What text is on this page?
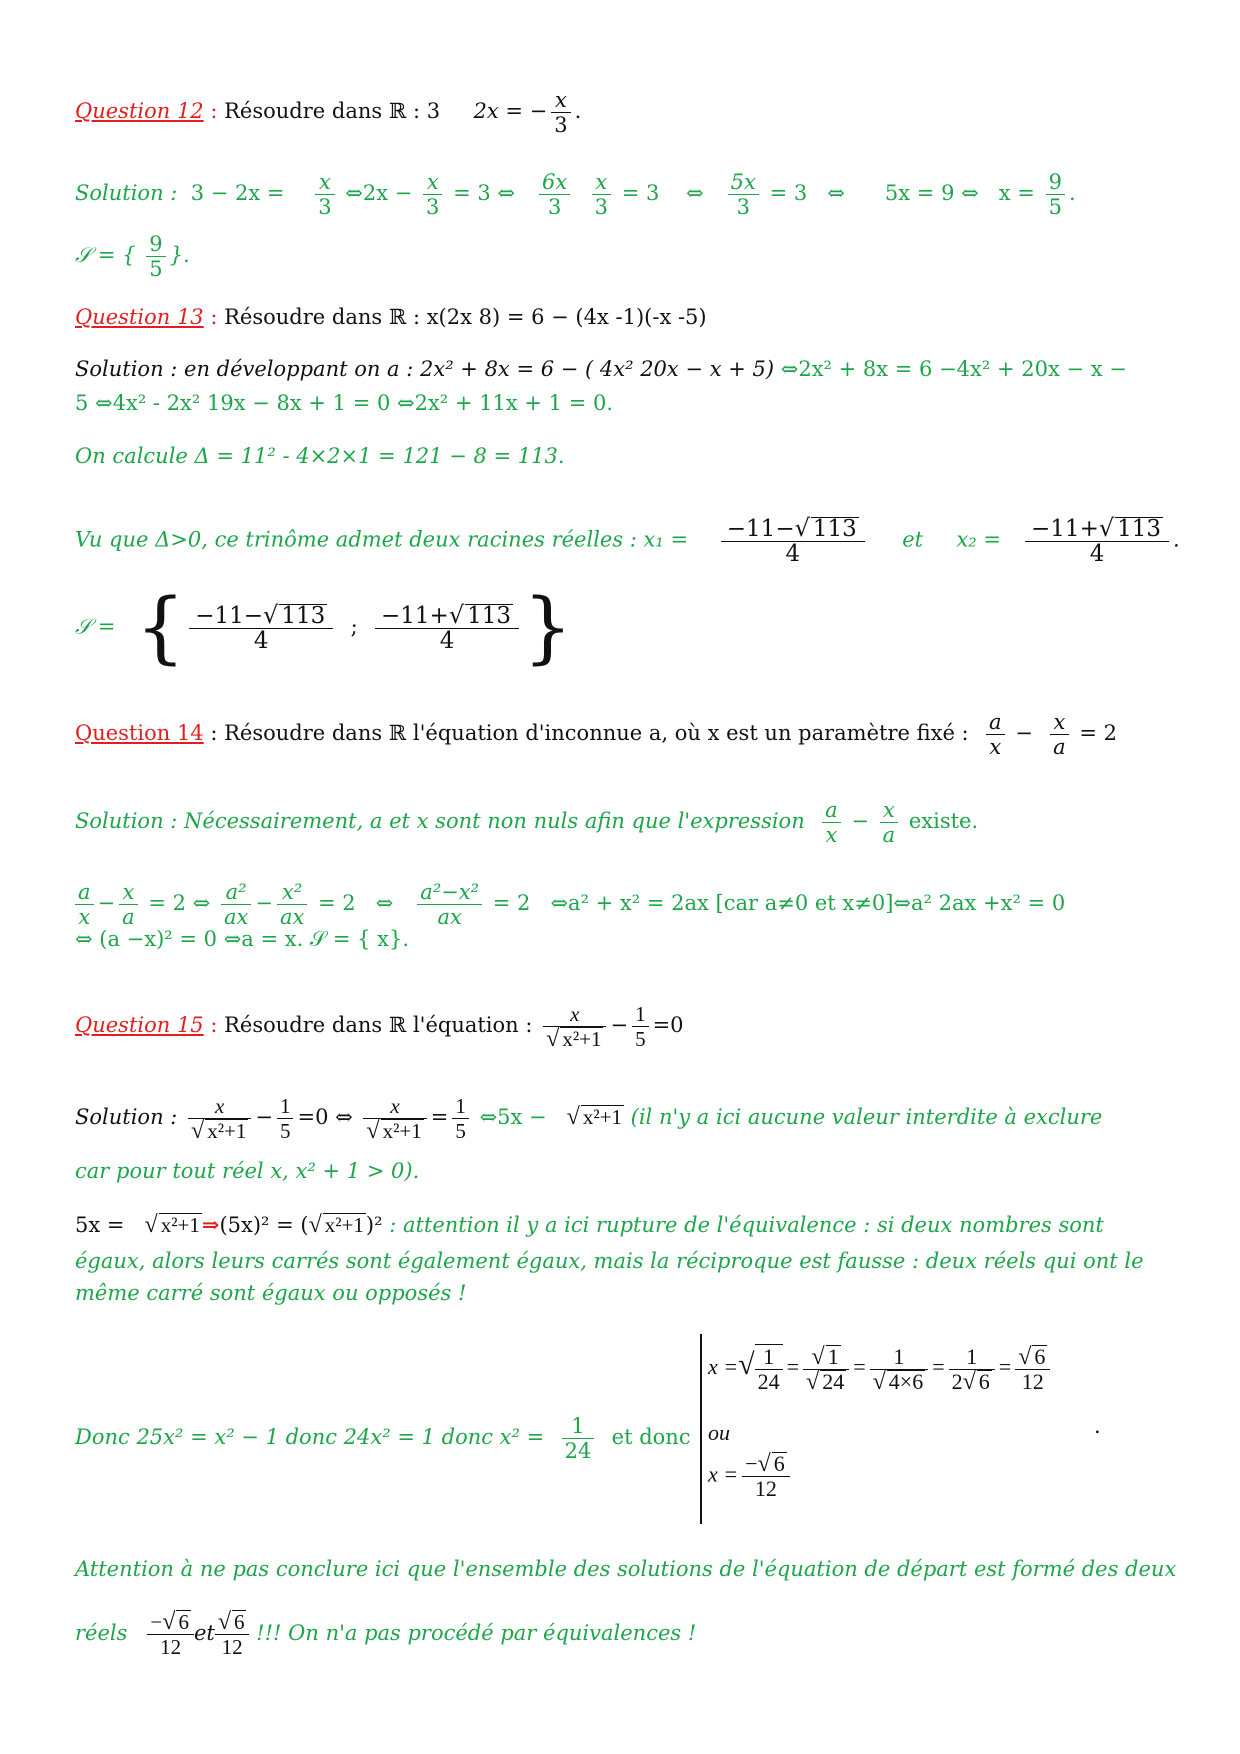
Question 12 : Résoudre dans ℝ : 3 2x = − $\frac{x}{3}$ .
Solution : $3 - 2x = \frac{x}{3}$ ⇔2x − $\frac{x}{3} = 3$ ⇔ $\frac{6x}{3}$
$\frac{x}{3} = 3$ ⇔ $\frac{5x}{3} = 3$ ⇔ 5x = 9 ⇔ $x = \frac{9}{5}$ .
𝒮 = { $\frac{9}{5}$ }.
Question 13 : Résoudre dans ℝ : x(2x 8) = 6 − (4x -1)(-x -5)
Solution : en développant on a : 2x² + 8x = 6 − ( 4x² 20x − x + 5) ⇔2x² + 8x = 6 −4x² + 20x − x −
5 ⇔4x² - 2x² 19x − 8x + 1 = 0 ⇔2x² + 11x + 1 = 0.
On calcule Δ = 11² - 4×2×1 = 121 − 8 = 113.
Vu que Δ>0, ce trinôme admet deux racines réelles : $x_1 = \frac{-11-√ 113}{4}$ et $x_2 = \frac{-11+√ 113}{4}$ .
𝒮 = { $\frac{-11-√ 113}{4}$ ; $\frac{-11+√ 113}{4}$ }
Question 14 : Résoudre dans ℝ l'équation d'inconnue a, où x est un paramètre fixé : $\frac{a}{x} - \frac{x}{a} = 2$
Solution : Nécessairement, a et x sont non nuls afin que l'expression $\frac{a}{x} - \frac{x}{a}$ existe.
$\frac{a}{x} - \frac{x}{a} = 2$ ⇔ $\frac{\text{a²}}{ax} - \frac{\text{x²}}{ax} = 2$   ⇔ $\frac{\text{a²−x²}}{ax} = 2$ ⇔a² + x² = 2ax [car a≠0 et x≠0]⇔a² 2ax +x² = 0
⇔ (a −x)² = 0 ⇔a = x. 𝒮 = { x}.
Question 15 : Résoudre dans ℝ l'équation : $\frac{x}{\text{√ x²+1}} - \frac{1}{5} =0$
Solution : $\frac{x}{\text{√ x²+1}} - \frac{1}{5} =0$ ⇔ $\frac{x}{\text{√ x²+1}} = \frac{1}{5}$ ⇔5x − √ x²+1 (il n'y a ici aucune valeur interdite à exclure
car pour tout réel x, x² + 1 > 0).
5x = √ x²+1⇒(5x)² = (√ x²+1)² : attention il y a ici rupture de l'équivalence : si deux nombres sont
égaux, alors leurs carrés sont également égaux, mais la réciproque est fausse : deux réels qui ont le
même carré sont égaux ou opposés !
Donc 25x² = x² − 1 donc 24x² = 1 donc $x^2 = \frac{1}{24}$ et donc
x =√ $\frac{1}{24} = \frac{√ 1}{√ 24} = \frac{1}{√ 4\times 6} = \frac{1}{2√ 6} = \frac{√ 6}{12}$
ou
$x = \frac{-√ 6}{12}$
.
Attention à ne pas conclure ici que l'ensemble des solutions de l'équation de départ est formé des deux
réels $\frac{-√ 6}{12}$ et $\frac{√ 6}{12}$ !!! On n'a pas procédé par équivalences !
